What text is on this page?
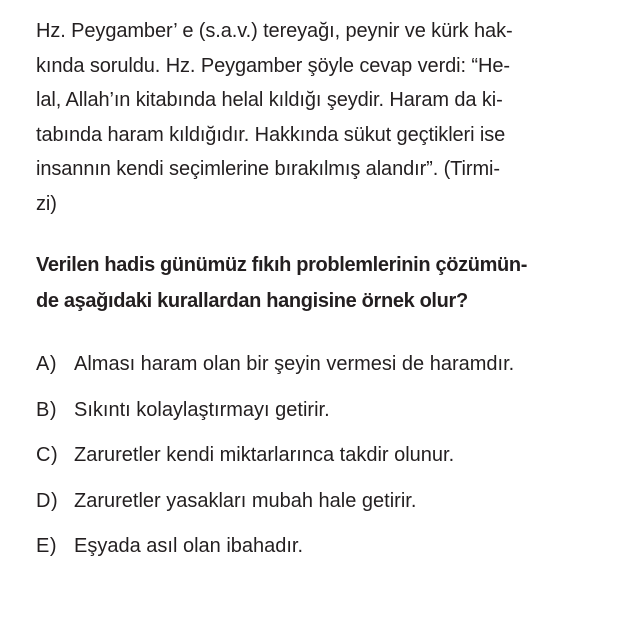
Hz. Peygamber’ e (s.a.v.) tereyağı, peynir ve kürk hak-
kında soruldu. Hz. Peygamber şöyle cevap verdi: “He-
lal, Allah’ın kitabında helal kıldığı şeydir. Haram da ki-
tabında haram kıldığıdır. Hakkında sükut geçtikleri ise
insannın kendi seçimlerine bırakılmış alandır”. (Tirmi-
zi)

Verilen hadis günümüz fıkıh problemlerinin çözümün-
de aşağıdaki kurallardan hangisine örnek olur?

A) Alması haram olan bir şeyin vermesi de haramdır.
B) Sıkıntı kolaylaştırmayı getirir.
C) Zaruretler kendi miktarlarınca takdir olunur.
D) Zaruretler yasakları mubah hale getirir.
E) Eşyada asıl olan ibahadır.
